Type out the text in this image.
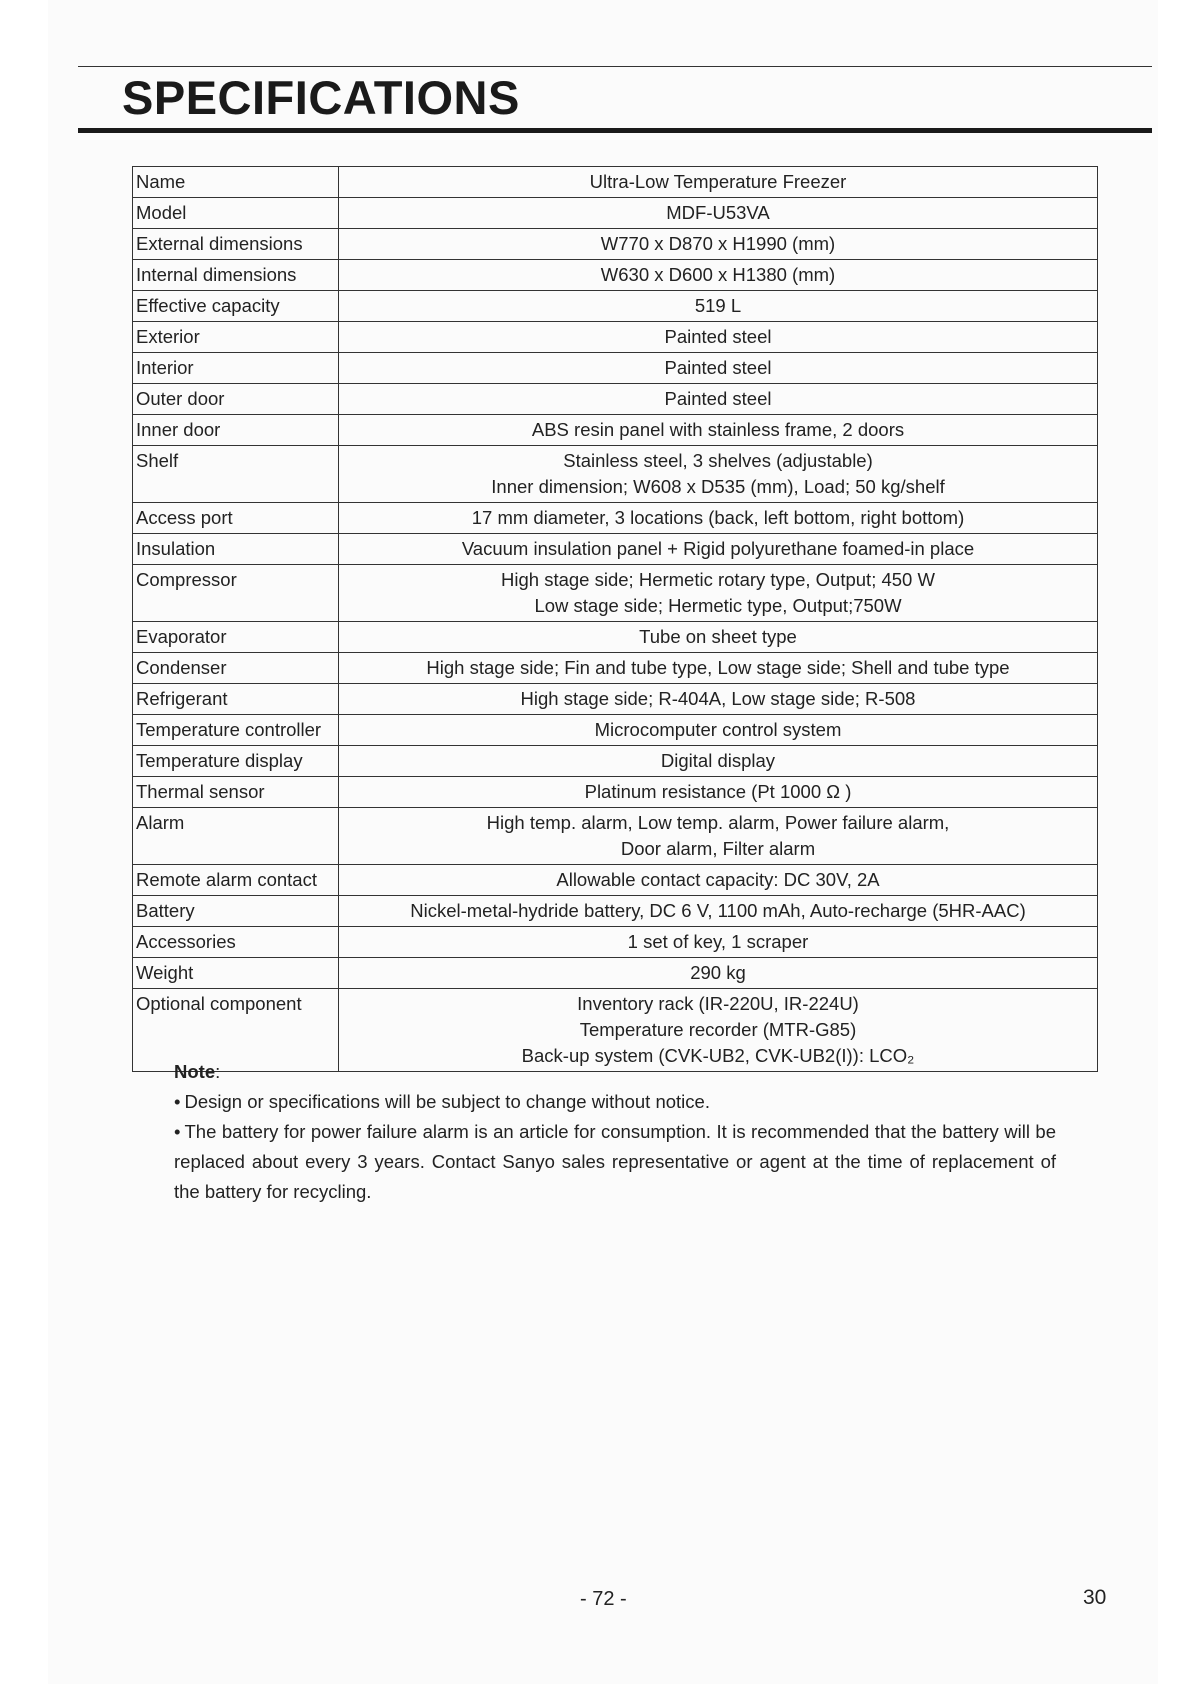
SPECIFICATIONS
Name	Ultra-Low Temperature Freezer

Model	MDF-U53VA

External dimensions	W770 x D870 x H1990 (mm)

Internal dimensions	W630 x D600 x H1380 (mm)

Effective capacity	519 L

Exterior	Painted steel

Interior	Painted steel

Outer door	Painted steel

Inner door	ABS resin panel with stainless frame, 2 doors

Shelf	Stainless steel, 3 shelves (adjustable)
Inner dimension; W608 x D535 (mm), Load; 50 kg/shelf

Access port	17 mm diameter, 3 locations (back, left bottom, right bottom)

Insulation	Vacuum insulation panel + Rigid polyurethane foamed-in place

Compressor	High stage side; Hermetic rotary type, Output; 450 W
Low stage side; Hermetic type, Output;750W

Evaporator	Tube on sheet type

Condenser	High stage side; Fin and tube type, Low stage side; Shell and tube type

Refrigerant	High stage side; R-404A, Low stage side; R-508

Temperature controller	Microcomputer control system

Temperature display	Digital display

Thermal sensor	Platinum resistance (Pt 1000 Ω )

Alarm	High temp. alarm, Low temp. alarm, Power failure alarm,
Door alarm, Filter alarm

Remote alarm contact	Allowable contact capacity: DC 30V, 2A

Battery	Nickel-metal-hydride battery, DC 6 V, 1100 mAh, Auto-recharge (5HR-AAC)

Accessories	1 set of key, 1 scraper

Weight	290 kg

Optional component	Inventory rack (IR-220U, IR-224U)
Temperature recorder (MTR-G85)
Back-up system (CVK-UB2, CVK-UB2(I)): LCO₂
Note:

• Design or specifications will be subject to change without notice.

• The battery for power failure alarm is an article for consumption. It is recommended that the battery will be replaced about every 3 years. Contact Sanyo sales representative or agent at the time of replacement of the battery for recycling.

- 72 -	30
